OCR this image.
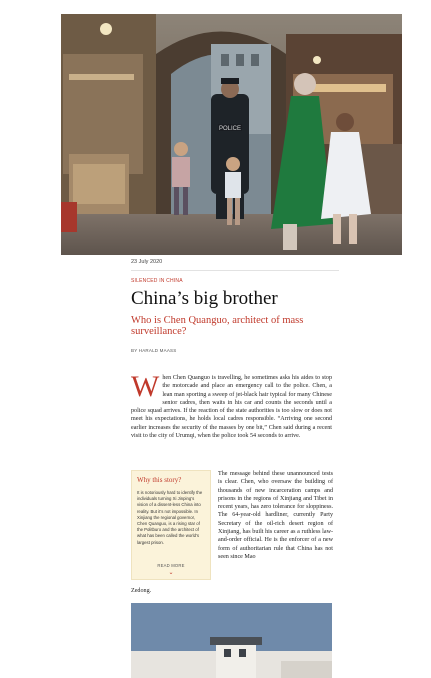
POLICE
23 July 2020
SILENCED IN CHINA
China’s big brother
Who is Chen Quanguo, architect of mass surveillance?
BY HARALD MAASS
When Chen Quanguo is travelling, he sometimes asks his aides to stop the motorcade and place an emergency call to the police. Chen, a lean man sporting a sweep of jet-black hair typical for many Chinese senior cadres, then waits in his car and counts the seconds until a police squad arrives. If the reaction of the state authorities is too slow or does not meet his expectations, he holds local cadres responsible. “Arriving one second earlier increases the security of the masses by one bit,” Chen said during a recent visit to the city of Urumqi, when the police took 54 seconds to arrive.
Why this story?

It is notoriously hard to identify the individuals turning Xi Jinping’s vision of a dissent-less China into reality. But it’s not impossible. In Xinjiang the regional governor, Chen Quanguo, is a rising star of the Politburo and the architect of what has been called the world’s largest prison.

READ MORE
⌄
The message behind these unannounced tests is clear. Chen, who oversaw the building of thousands of new incarceration camps and prisons in the regions of Xinjiang and Tibet in recent years, has zero tolerance for sloppiness. The 64-year-old hardliner, currently Party Secretary of the oil-rich desert region of Xinjiang, has built his career as a ruthless law-and-order official. He is the enforcer of a new form of authoritarian rule that China has not seen since Mao
Zedong.
